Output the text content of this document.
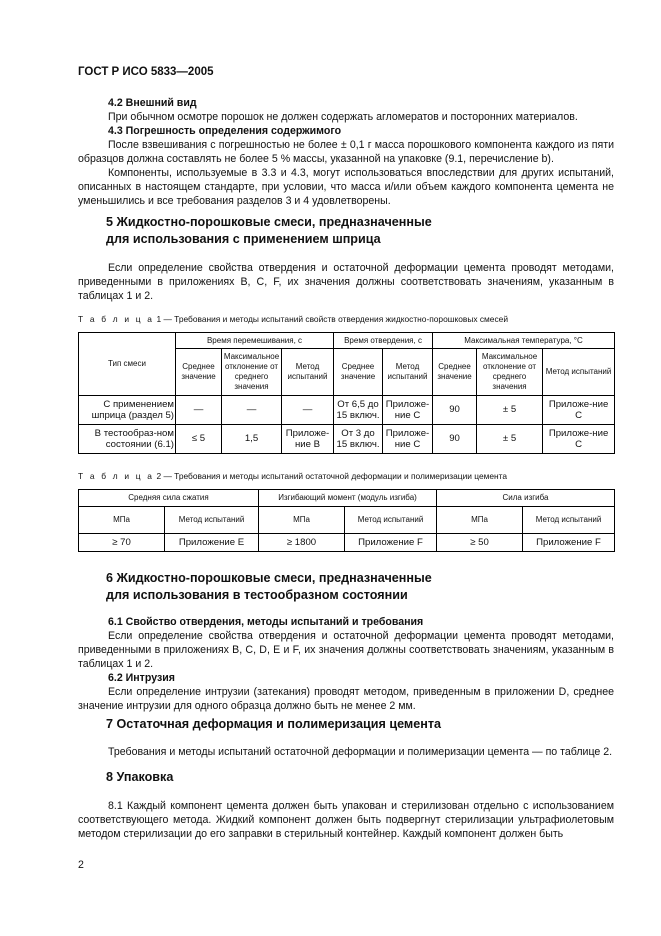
ГОСТ Р ИСО 5833—2005
4.2 Внешний вид
При обычном осмотре порошок не должен содержать агломератов и посторонних материалов.
4.3 Погрешность определения содержимого
После взвешивания с погрешностью не более ± 0,1 г масса порошкового компонента каждого из пяти образцов должна составлять не более 5 % массы, указанной на упаковке (9.1, перечисление b).
Компоненты, используемые в 3.3 и 4.3, могут использоваться впоследствии для других испытаний, описанных в настоящем стандарте, при условии, что масса и/или объем каждого компонента цемента не уменьшились и все требования разделов 3 и 4 удовлетворены.
5 Жидкостно-порошковые смеси, предназначенные
для использования с применением шприца
Если определение свойства отвердения и остаточной деформации цемента проводят методами, приведенными в приложениях B, C, F, их значения должны соответствовать значениям, указанным в таблицах 1 и 2.
Т а б л и ц а 1 — Требования и методы испытаний свойств отвердения жидкостно-порошковых смесей
Тип смеси	Время перемешивания, с			Время отвердения, с		Максимальная температура, °С		
	Среднее значение	Максимальное отклонение от среднего значения	Метод испытаний	Среднее значение	Метод испытаний	Среднее значение	Максимальное отклонение от среднего значения	Метод испытаний
С применением шприца (раздел 5)	—	—	—	От 6,5 до 15 включ.	Приложе-ние С	90	± 5	Приложе-ние С
В тестообраз-ном состоянии (6.1)	≤ 5	1,5	Приложе-ние В	От 3 до 15 включ.	Приложе-ние С	90	± 5	Приложе-ние С
Т а б л и ц а 2 — Требования и методы испытаний остаточной деформации и полимеризации цемента
Средняя сила сжатия		Изгибающий момент (модуль изгиба)		Сила изгиба	
МПа	Метод испытаний	МПа	Метод испытаний	МПа	Метод испытаний
≥ 70	Приложение Е	≥ 1800	Приложение F	≥ 50	Приложение F
6 Жидкостно-порошковые смеси, предназначенные
для использования в тестообразном состоянии
6.1 Свойство отвердения, методы испытаний и требования
Если определение свойства отвердения и остаточной деформации цемента проводят методами, приведенными в приложениях B, C, D, E и F, их значения должны соответствовать значениям, указанным в таблицах 1 и 2.
6.2 Интрузия
Если определение интрузии (затекания) проводят методом, приведенным в приложении D, среднее значение интрузии для одного образца должно быть не менее 2 мм.
7 Остаточная деформация и полимеризация цемента
Требования и методы испытаний остаточной деформации и полимеризации цемента — по таблице 2.
8 Упаковка
8.1 Каждый компонент цемента должен быть упакован и стерилизован отдельно с использованием соответствующего метода. Жидкий компонент должен быть подвергнут стерилизации ультрафиолетовым методом стерилизации до его заправки в стерильный контейнер. Каждый компонент должен быть
2
